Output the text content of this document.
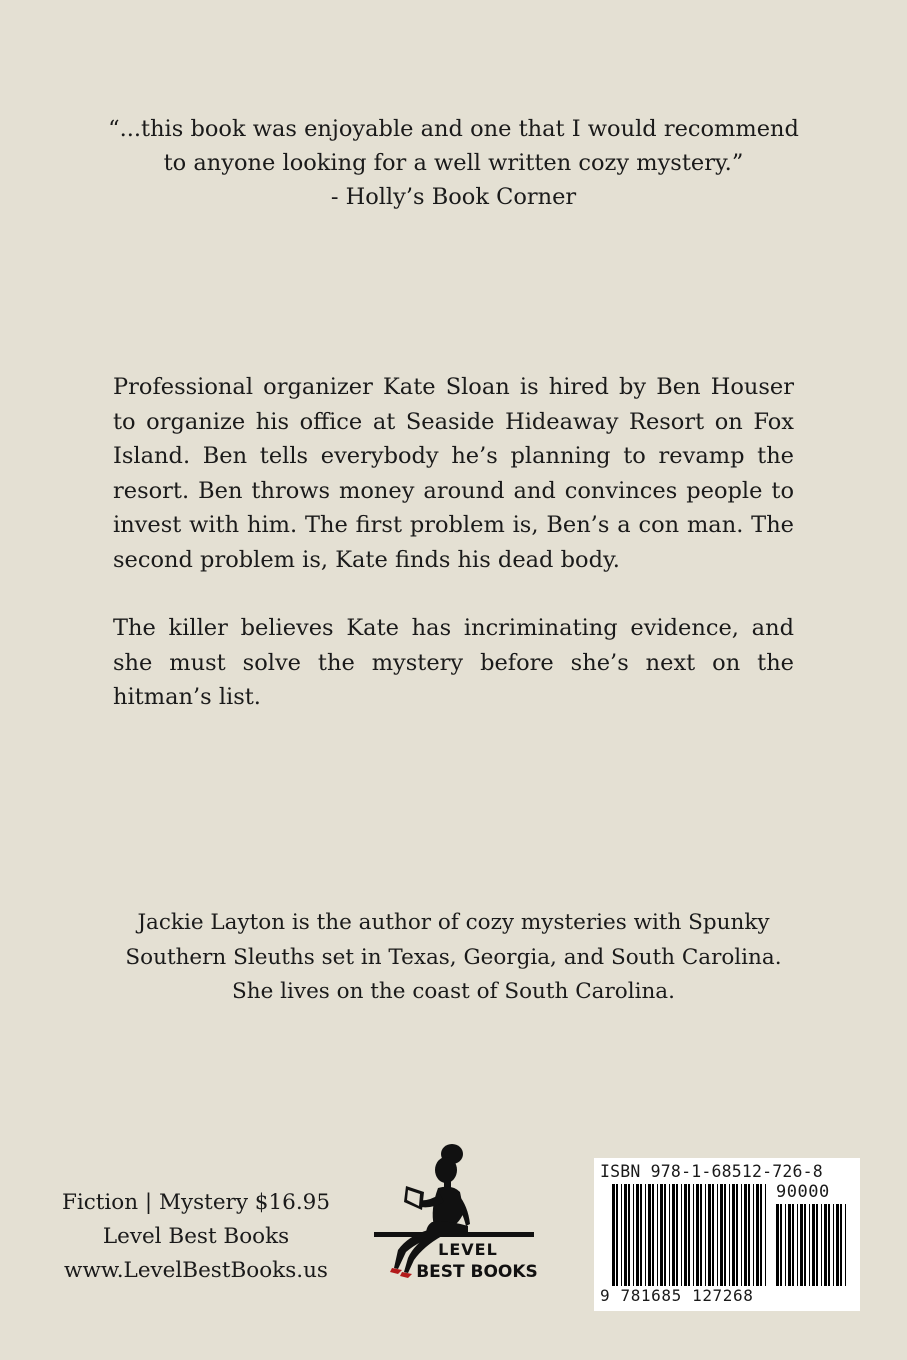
“...this book was enjoyable and one that I would recommend

to anyone looking for a well written cozy mystery.”

- Holly’s Book Corner

Professional organizer Kate Sloan is hired by Ben Houser to organize his office at Seaside Hideaway Resort on Fox Island. Ben tells everybody he’s planning to revamp the resort. Ben throws money around and convinces people to invest with him. The first problem is, Ben’s a con man. The second problem is, Kate finds his dead body.

The killer believes Kate has incriminating evidence, and she must solve the mystery before she’s next on the hitman’s list.

Jackie Layton is the author of cozy mysteries with Spunky

Southern Sleuths set in Texas, Georgia, and South Carolina.

She lives on the coast of South Carolina.

Fiction | Mystery $16.95
Level Best Books
www.LevelBestBooks.us
LEVEL
BEST BOOKS
ISBN 978-1-68512-726-8
90000
9 781685 127268
